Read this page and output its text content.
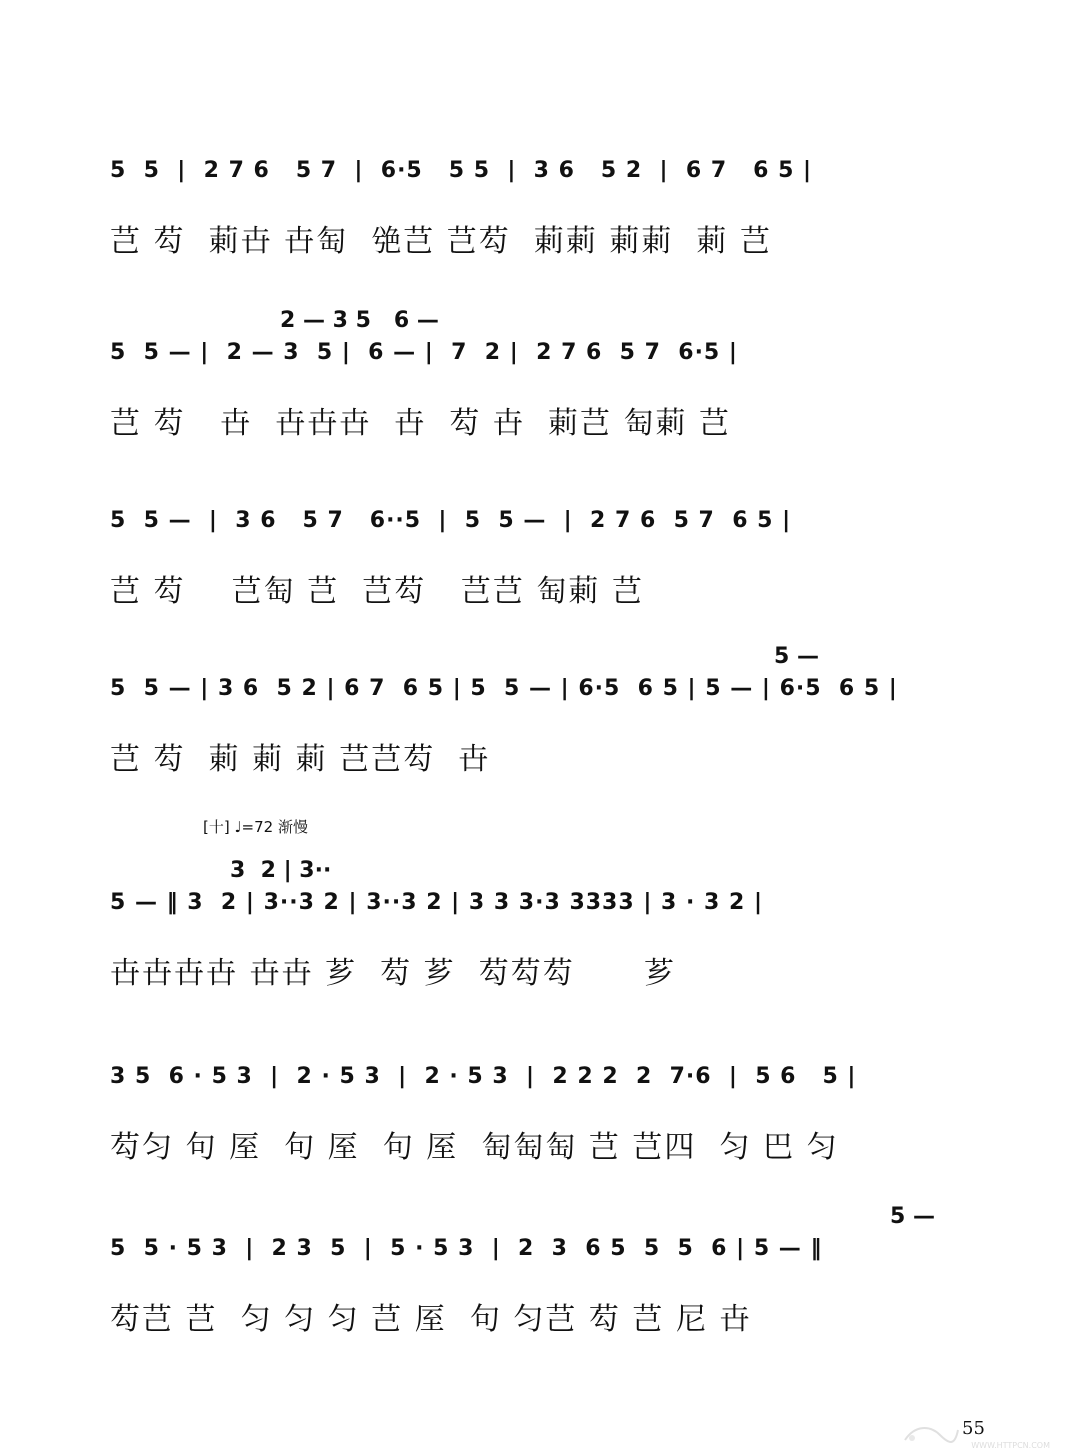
5  5  |  2 7 6   5 7  |  6·5   5 5  |  3 6   5 2  |  6 7   6 5 |
芑 芶  䓶卋 卋匋  䒊芑 芑芶  䓶䓶 䓶䓶  䓶 芑
2 — 3 5   6 —
5  5 — |  2 — 3  5 |  6 — |  7  2 |  2 7 6  5 7  6·5 |
芑 芶   卋  卋卋卋  卋  芶 卋  䓶芑 匋䓶 芑
5  5 —  |  3 6   5 7   6··5  |  5  5 —  |  2 7 6  5 7  6 5 |
芑 芶    芑匋 芑  芑芶   芑芑 匋䓶 芑
5 —
5  5 — | 3 6  5 2 | 6 7  6 5 | 5  5 — | 6·5  6 5 | 5 — | 6·5  6 5 |
芑 芶  䓶 䓶 䓶 芑芑芶  卋
[十] ♩=72 渐慢
3  2 | 3··
5 — ‖ 3  2 | 3··3 2 | 3··3 2 | 3 3 3·3 3333 | 3 · 3 2 |
卋卋卋卋 卋卋 芗  芶 芗  芶芶芶      芗
3 5  6 · 5 3  |  2 · 5 3  |  2 · 5 3  |  2 2 2  2  7·6  |  5 6   5 |
芶匀 句 厔  句 厔  句 厔  匋匋匋 芑 芑四  匀 巴 匀
5 —
5  5 · 5 3  |  2 3  5  |  5 · 5 3  |  2  3  6 5  5  5  6 | 5 — ‖
芶芑 芑  匀 匀 匀 芑 厔  句 匀芑 芶 芑 尼 卋
55
WWW.HTTPCN.COM
